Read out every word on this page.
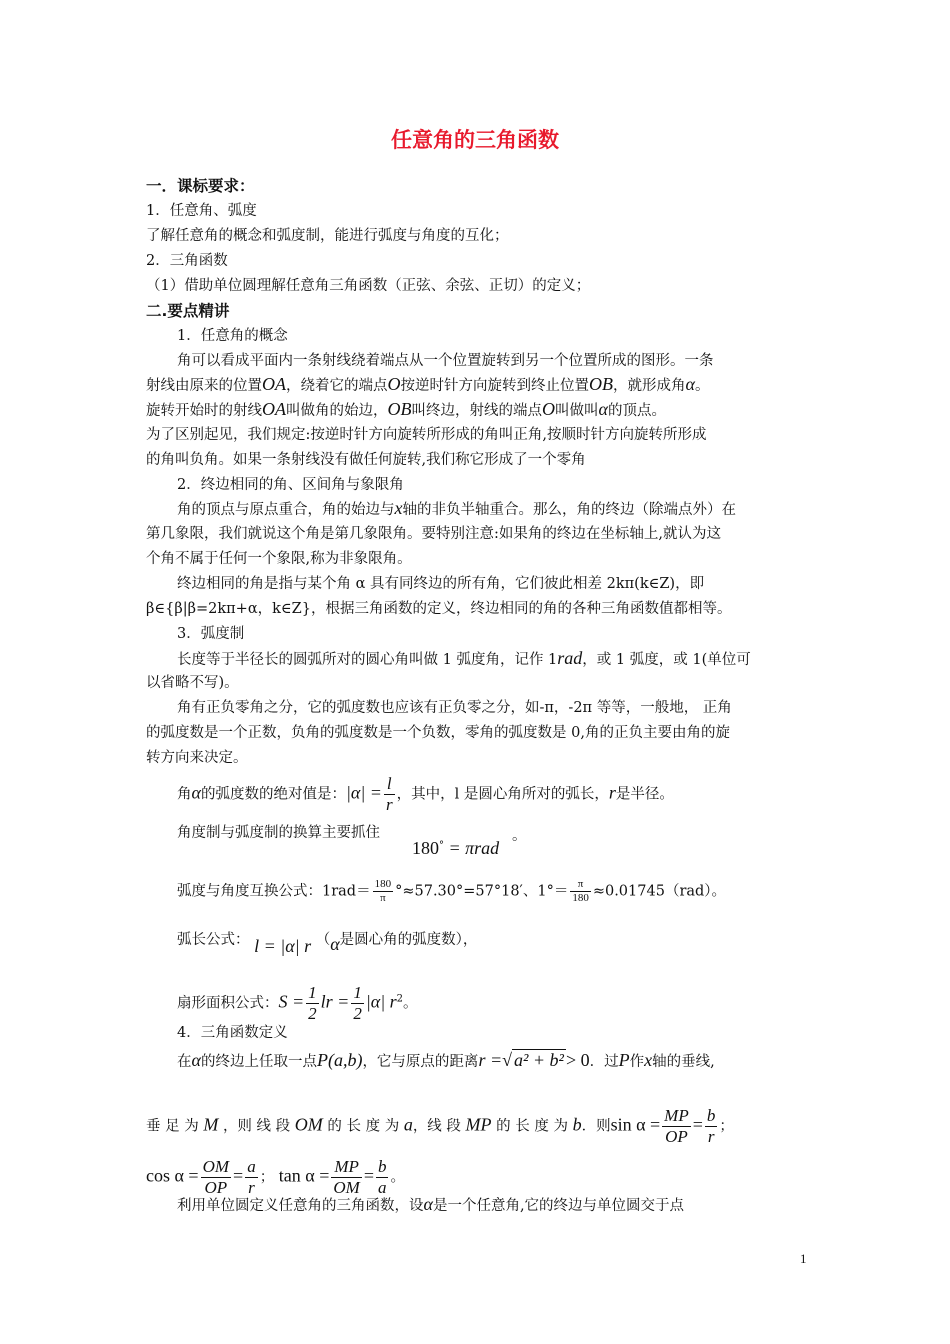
任意角的三角函数
一．课标要求：
1．任意角、弧度
了解任意角的概念和弧度制，能进行弧度与角度的互化；
2．三角函数
（1）借助单位圆理解任意角三角函数（正弦、余弦、正切）的定义；
二.要点精讲
1．任意角的概念
角可以看成平面内一条射线绕着端点从一个位置旋转到另一个位置所成的图形。一条
射线由原来的位置OA，绕着它的端点O按逆时针方向旋转到终止位置OB，就形成角α。
旋转开始时的射线OA叫做角的始边，OB叫终边，射线的端点O叫做叫α的顶点。
为了区别起见，我们规定:按逆时针方向旋转所形成的角叫正角,按顺时针方向旋转所形成
的角叫负角。如果一条射线没有做任何旋转,我们称它形成了一个零角
2．终边相同的角、区间角与象限角
角的顶点与原点重合，角的始边与x轴的非负半轴重合。那么，角的终边（除端点外）在
第几象限，我们就说这个角是第几象限角。要特别注意:如果角的终边在坐标轴上,就认为这
个角不属于任何一个象限,称为非象限角。
终边相同的角是指与某个角 α 具有同终边的所有角，它们彼此相差 2kπ(k∈Z)，即
β∈{β|β=2kπ+α，k∈Z}，根据三角函数的定义，终边相同的角的各种三角函数值都相等。
3．弧度制
长度等于半径长的圆弧所对的圆心角叫做 1 弧度角，记作 1rad，或 1 弧度，或 1(单位可
以省略不写)。
角有正负零角之分，它的弧度数也应该有正负零之分，如-π，-2π 等等，一般地， 正角
的弧度数是一个正数，负角的弧度数是一个负数，零角的弧度数是 0,角的正负主要由角的旋
转方向来决定。
角α的弧度数的绝对值是：$|\alpha| = \frac{l}{r}$ ，其中，l 是圆心角所对的弧长，r是半径。
角度制与弧度制的换算主要抓住
180° = πrad
。
弧度与角度互换公式：$1rad= \frac{180}{\pi} ^\circ\approx 57.30^\circ=57^\circ 18'$、$1^\circ= \frac{\pi}{180} \approx 0.01745(rad)$。
弧长公式： l = |α| r （α是圆心角的弧度数），
扇形面积公式：$S = \frac{1}{2}$ lr = $\frac{1}{2} |\alpha|$ $r^2$。
4．三角函数定义
在α的终边上任取一点P(a,b)，它与原点的距离r =√ a² + b² > 0．过P作x轴的垂线,
垂 足 为 M ，则 线 段 OM 的 长 度 为 a，线 段 MP 的 长 度 为 b．则$\sin \alpha = \frac{MP}{OP} = \frac{b}{r}$ ；
$\cos \alpha = \frac{OM}{OP} = \frac{a}{r}$ ； $\tan \alpha = \frac{MP}{OM} = \frac{b}{a}$ 。
利用单位圆定义任意角的三角函数，设α是一个任意角,它的终边与单位圆交于点
1
